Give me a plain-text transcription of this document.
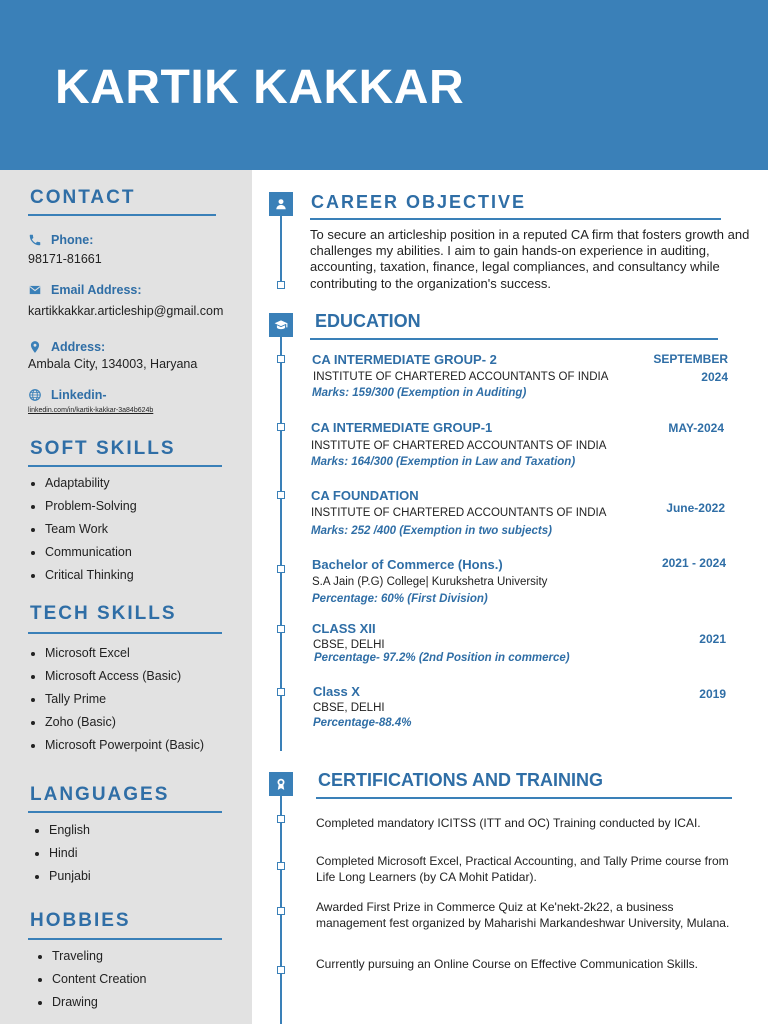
KARTIK KAKKAR
CONTACT
Phone:
98171-81661
Email Address:
kartikkakkar.articleship@gmail.com
Address:
Ambala City, 134003, Haryana
Linkedin-
linkedin.com/in/kartik-kakkar-3a84b624b
SOFT SKILLS
• Adaptability
• Problem-Solving
• Team Work
• Communication
• Critical Thinking
TECH SKILLS
• Microsoft Excel
• Microsoft Access (Basic)
• Tally Prime
• Zoho (Basic)
• Microsoft Powerpoint (Basic)
LANGUAGES
• English
• Hindi
• Punjabi
HOBBIES
• Traveling
• Content Creation
• Drawing
CAREER OBJECTIVE

To secure an articleship position in a reputed CA firm that fosters growth and challenges my abilities. I aim to gain hands-on experience in auditing, accounting, taxation, finance, legal compliances, and consultancy while contributing to the organization's success.

EDUCATION
CA INTERMEDIATE GROUP- 2
INSTITUTE OF CHARTERED ACCOUNTANTS OF INDIA
Marks: 159/300 (Exemption in Auditing)
SEPTEMBER
2024
CA INTERMEDIATE GROUP-1
INSTITUTE OF CHARTERED ACCOUNTANTS OF INDIA
Marks: 164/300 (Exemption in Law and Taxation)
MAY-2024
CA FOUNDATION
INSTITUTE OF CHARTERED ACCOUNTANTS OF INDIA
Marks: 252 /400 (Exemption in two subjects)
June-2022
Bachelor of Commerce (Hons.)
S.A Jain (P.G) College| Kurukshetra University
Percentage: 60% (First Division)
2021 - 2024
CLASS XII
CBSE, DELHI
Percentage- 97.2% (2nd Position in commerce)
2021
Class X
CBSE, DELHI
Percentage-88.4%
2019
CERTIFICATIONS AND TRAINING
Completed mandatory ICITSS (ITT and OC) Training conducted by ICAI.
Completed Microsoft Excel, Practical Accounting, and Tally Prime course from Life Long Learners (by CA Mohit Patidar).
Awarded First Prize in Commerce Quiz at Ke'nekt-2k22, a business management fest organized by Maharishi Markandeshwar University, Mulana.
Currently pursuing an Online Course on Effective Communication Skills.
